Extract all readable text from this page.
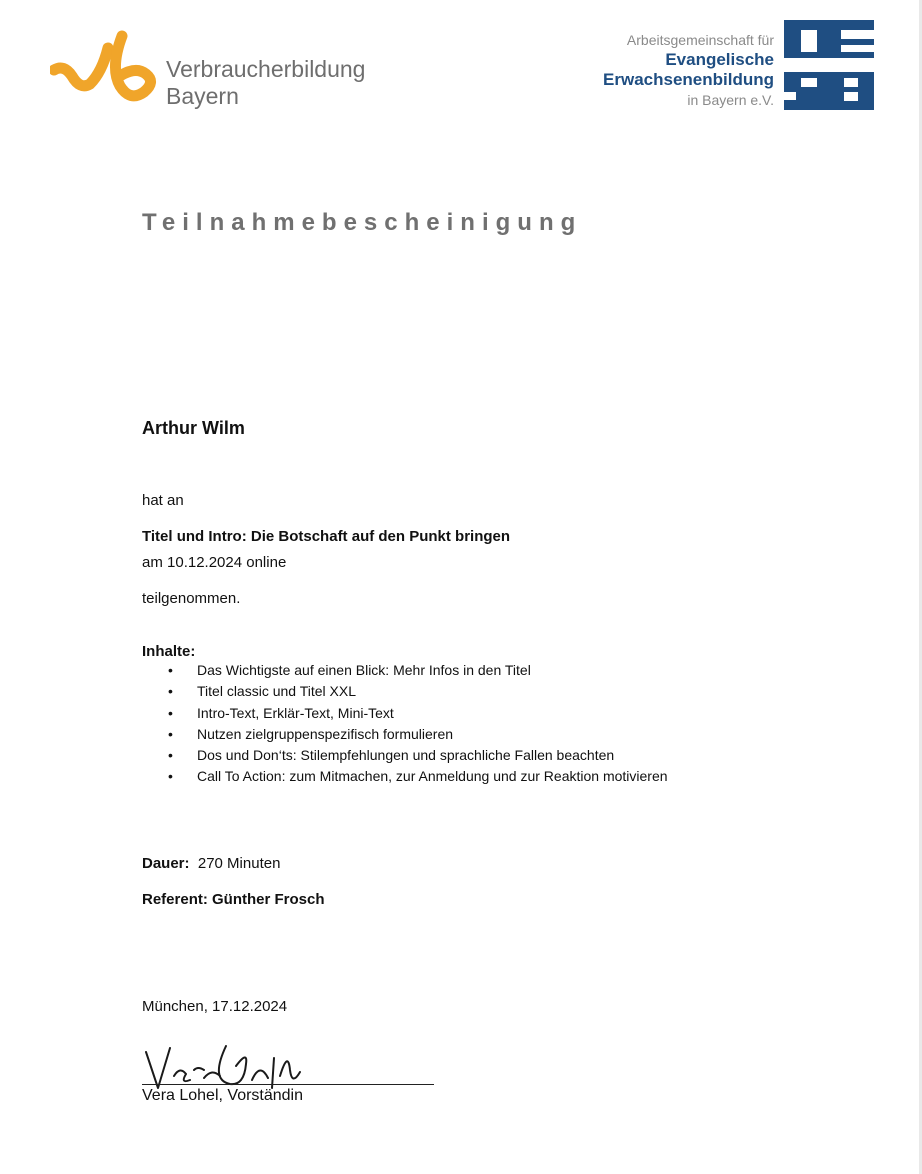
Verbraucherbildung
Bayern
Arbeitsgemeinschaft für
Evangelische
Erwachsenenbildung
in Bayern e.V.
Teilnahmebescheinigung
Arthur Wilm
hat an
Titel und Intro: Die Botschaft auf den Punkt bringen
am 10.12.2024 online
teilgenommen.
Inhalte:
• Das Wichtigste auf einen Blick: Mehr Infos in den Titel
• Titel classic und Titel XXL
• Intro-Text, Erklär-Text, Mini-Text
• Nutzen zielgruppenspezifisch formulieren
• Dos und Don‘ts: Stilempfehlungen und sprachliche Fallen beachten
• Call To Action: zum Mitmachen, zur Anmeldung und zur Reaktion motivieren
Dauer: 270 Minuten
Referent: Günther Frosch
München, 17.12.2024
Vera Lohel, Vorständin
